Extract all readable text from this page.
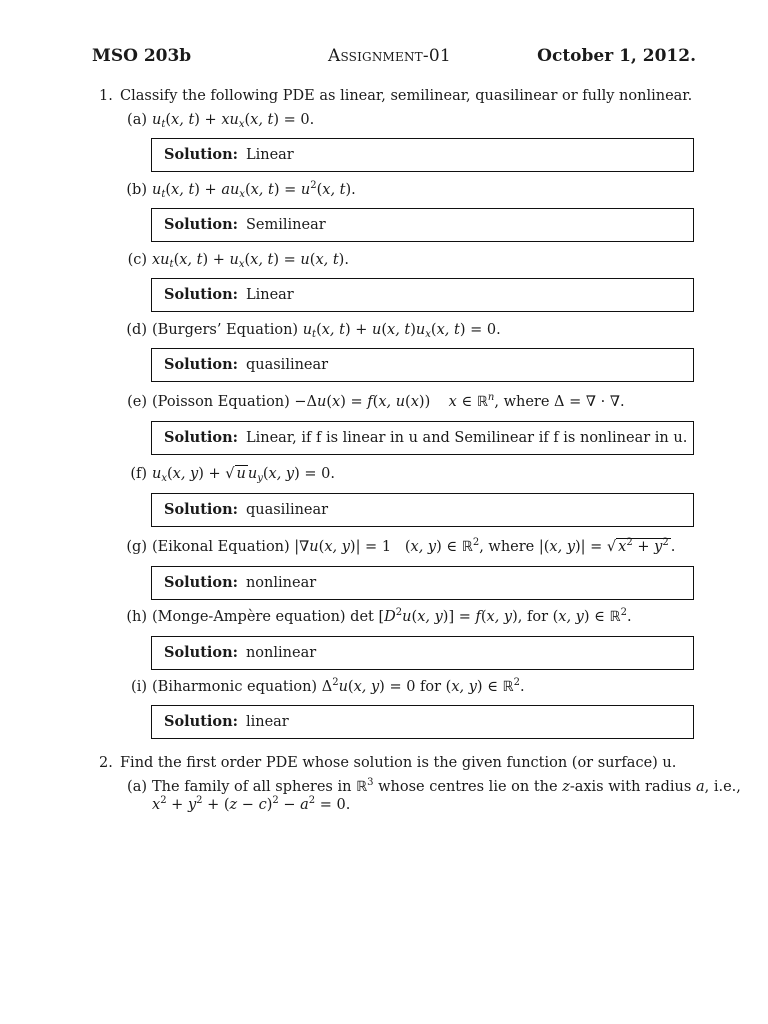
MSO 203b	Assignment-01	October 1, 2012.
1. Classify the following PDE as linear, semilinear, quasilinear or fully nonlinear.
(a) $u_t(x$, $t) + xu_x(x$, t) = 0.
Solution: Linear
(b) $u_t(x$, $t) + au_x(x$, $t) = u^2(x$, t).
Solution: Semilinear
(c) $xu_t(x$, $t) + u_x(x$, t) = u(x, t).
Solution: Linear
(d) (Burgers’ Equation) $u_t(x$, t) + u(x, $t)u_x(x$, t) = 0.
Solution: quasilinear
(e) (Poisson Equation) −Δu(x) = f(x, u(x))    x ∈ ℝ$^n$, where Δ = ∇ · ∇.
Solution: Linear, if f is linear in u and Semilinear if f is nonlinear in u.
(f) $u_x(x$, y) + √ u $u_y(x$, y) = 0.
Solution: quasilinear
(g) (Eikonal Equation) |∇u(x, y)| = 1   (x, y) ∈ ℝ$^2$, where |(x, y)| = √ $x^2 + y^2$ .
Solution: nonlinear
(h) (Monge-Ampère equation) $\det [D^2u(x$, y)] = f(x, y), for (x, y) ∈ ℝ$^2$.
Solution: nonlinear
(i) (Biharmonic equation) $\Delta^2u(x$, y) = 0 for (x, y) ∈ ℝ$^2$.
Solution: linear
2. Find the first order PDE whose solution is the given function (or surface) u.
(a) The family of all spheres in ℝ$^3$ whose centres lie on the z-axis with radius a, i.e.,
$x^2 + y^2 + (z - c)^2 - a^2 = 0$.
